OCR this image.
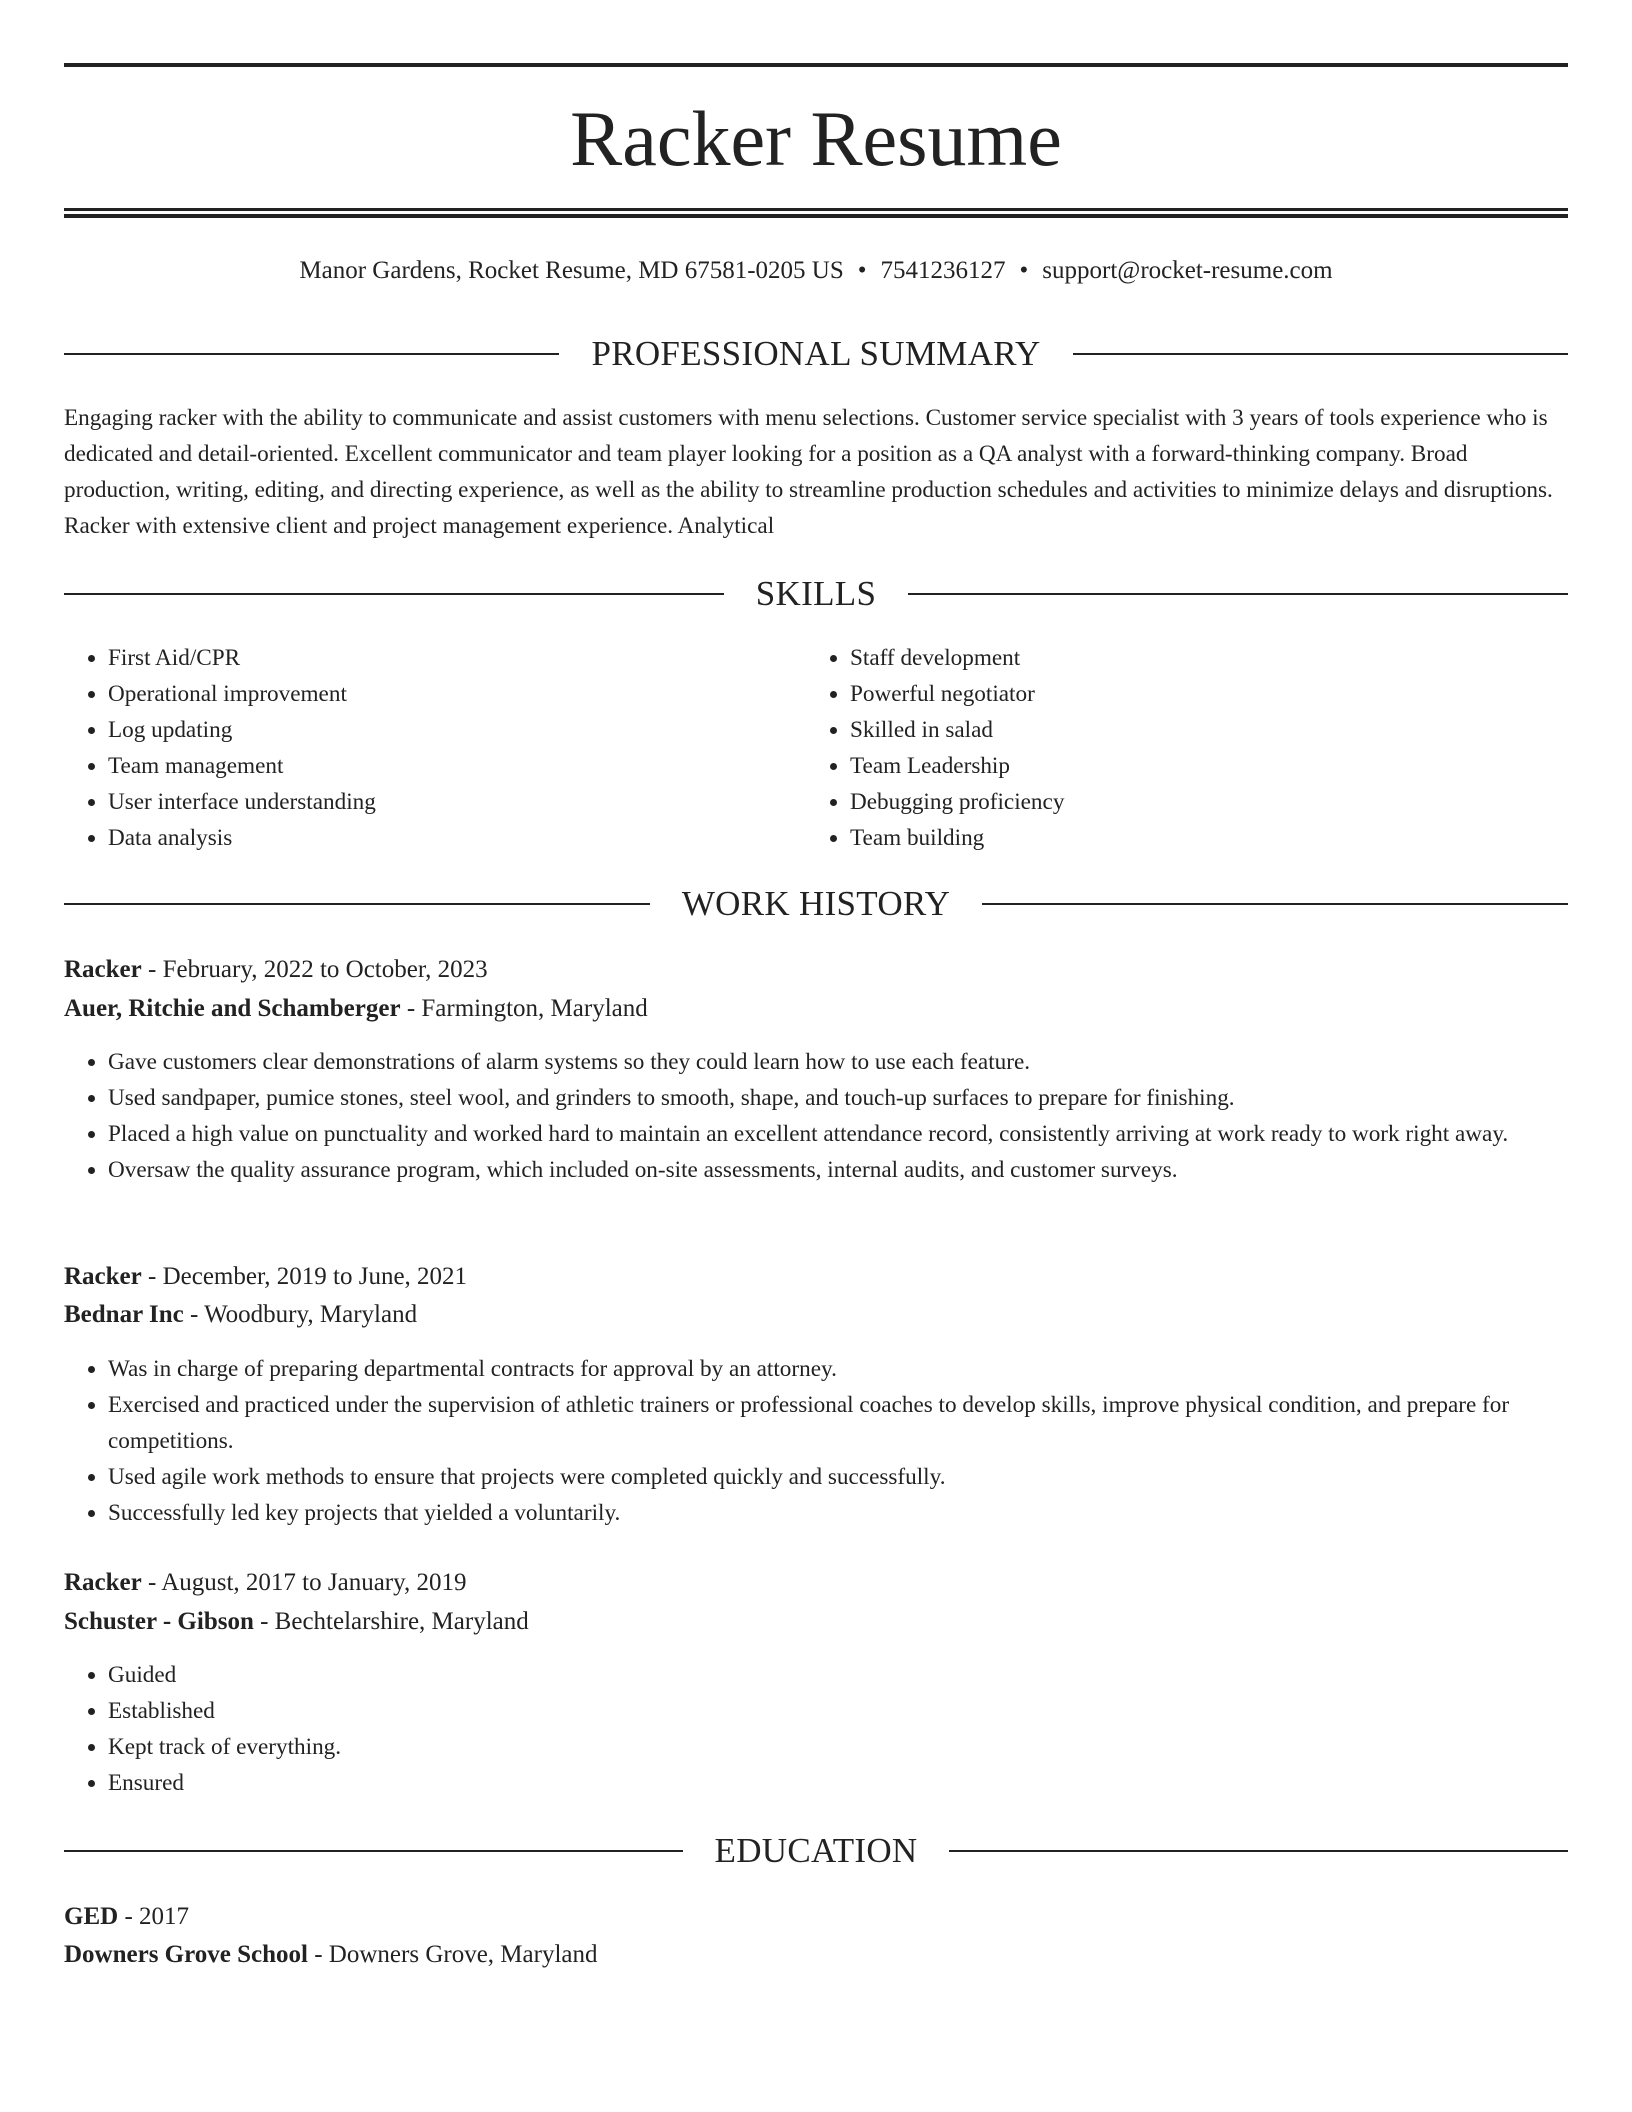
Racker Resume
Manor Gardens, Rocket Resume, MD 67581-0205 US • 7541236127 • support@rocket-resume.com
PROFESSIONAL SUMMARY

Engaging racker with the ability to communicate and assist customers with menu selections. Customer service specialist with 3 years of tools experience who is dedicated and detail-oriented. Excellent communicator and team player looking for a position as a QA analyst with a forward-thinking company. Broad production, writing, editing, and directing experience, as well as the ability to streamline production schedules and activities to minimize delays and disruptions. Racker with extensive client and project management experience. Analytical

SKILLS
• First Aid/CPR
• Operational improvement
• Log updating
• Team management
• User interface understanding
• Data analysis
• Staff development
• Powerful negotiator
• Skilled in salad
• Team Leadership
• Debugging proficiency
• Team building
WORK HISTORY
Racker - February, 2022 to October, 2023
Auer, Ritchie and Schamberger - Farmington, Maryland
• Gave customers clear demonstrations of alarm systems so they could learn how to use each feature.
• Used sandpaper, pumice stones, steel wool, and grinders to smooth, shape, and touch-up surfaces to prepare for finishing.
• Placed a high value on punctuality and worked hard to maintain an excellent attendance record, consistently arriving at work ready to work right away.
• Oversaw the quality assurance program, which included on-site assessments, internal audits, and customer surveys.
Racker - December, 2019 to June, 2021
Bednar Inc - Woodbury, Maryland
• Was in charge of preparing departmental contracts for approval by an attorney.
• Exercised and practiced under the supervision of athletic trainers or professional coaches to develop skills, improve physical condition, and prepare for competitions.
• Used agile work methods to ensure that projects were completed quickly and successfully.
• Successfully led key projects that yielded a voluntarily.
Racker - August, 2017 to January, 2019
Schuster - Gibson - Bechtelarshire, Maryland
• Guided
• Established
• Kept track of everything.
• Ensured
EDUCATION
GED - 2017
Downers Grove School - Downers Grove, Maryland
